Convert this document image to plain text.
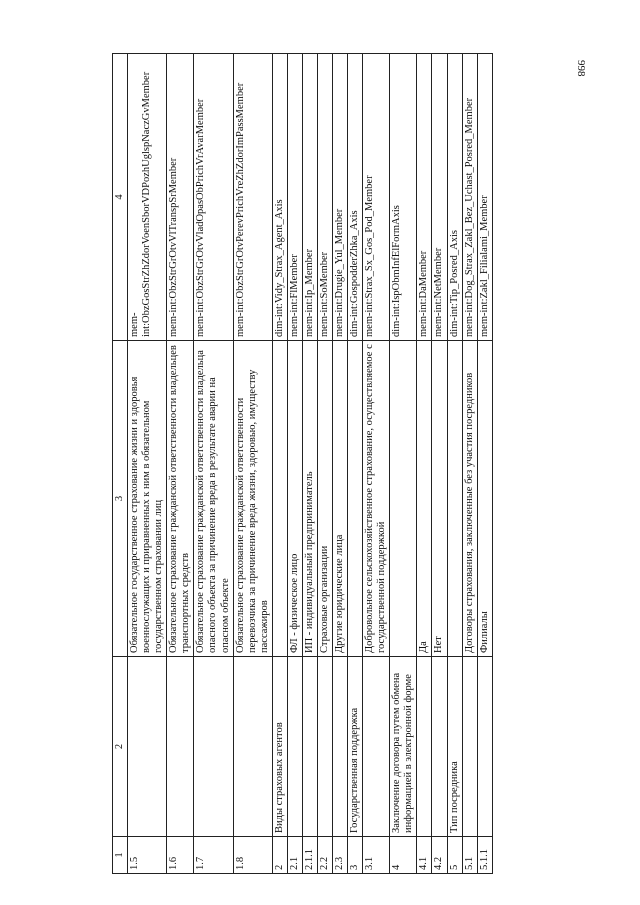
998
1	2	3	4
1.5		Обязательное государственное страхование жизни и здоровья военнослужащих и приравненных к ним в обязательном государственном страховании лиц	mem-int:ObzGosStrZhZdorVoenSborVDPozhUglspNaczGvMember
1.6		Обязательное страхование гражданской ответственности владельцев транспортных средств	mem-int:ObzStrGrOtvVlTranspSrMember
1.7		Обязательное страхование гражданской ответственности владельца опасного объекта за причинение вреда в результате аварии на опасном объекте	mem-int:ObzStrGrOtvVladOpasObPrichVrAvarMember
1.8		Обязательное страхование гражданской ответственности перевозчика за причинение вреда жизни, здоровью, имуществу пассажиров	mem-int:ObzStrGrOtvPerevPrichVreZhZdorImPassMember
2	Виды страховых агентов		dim-int:Vidy_Strax_Agent_Axis
2.1		ФЛ - физическое лицо	mem-int:FlMember
2.1.1		ИП - индивидуальный предприниматель	mem-int:Ip_Member
2.2		Страховые организации	mem-int:SoMember
2.3		Другие юридические лица	mem-int:Drugie_Yul_Member
3	Государственная поддержка		dim-int:GospodderZhka_Axis
3.1		Добровольное сельскохозяйственное страхование, осуществляемое с государственной поддержкой	mem-int:Strax_Sx_Gos_Pod_Member
4	Заключение договора путем обмена информацией в электронной форме		dim-int:IspObmInfElFormAxis
4.1		Да	mem-int:DaMember
4.2		Нет	mem-int:NetMember
5	Тип посредника		dim-int:Tip_Posred_Axis
5.1		Договоры страхования, заключенные без участия посредников	mem-int:Dog_Strax_Zakl_Bez_Uchast_Posred_Member
5.1.1		Филиалы	mem-int:Zakl_Filialami_Member
